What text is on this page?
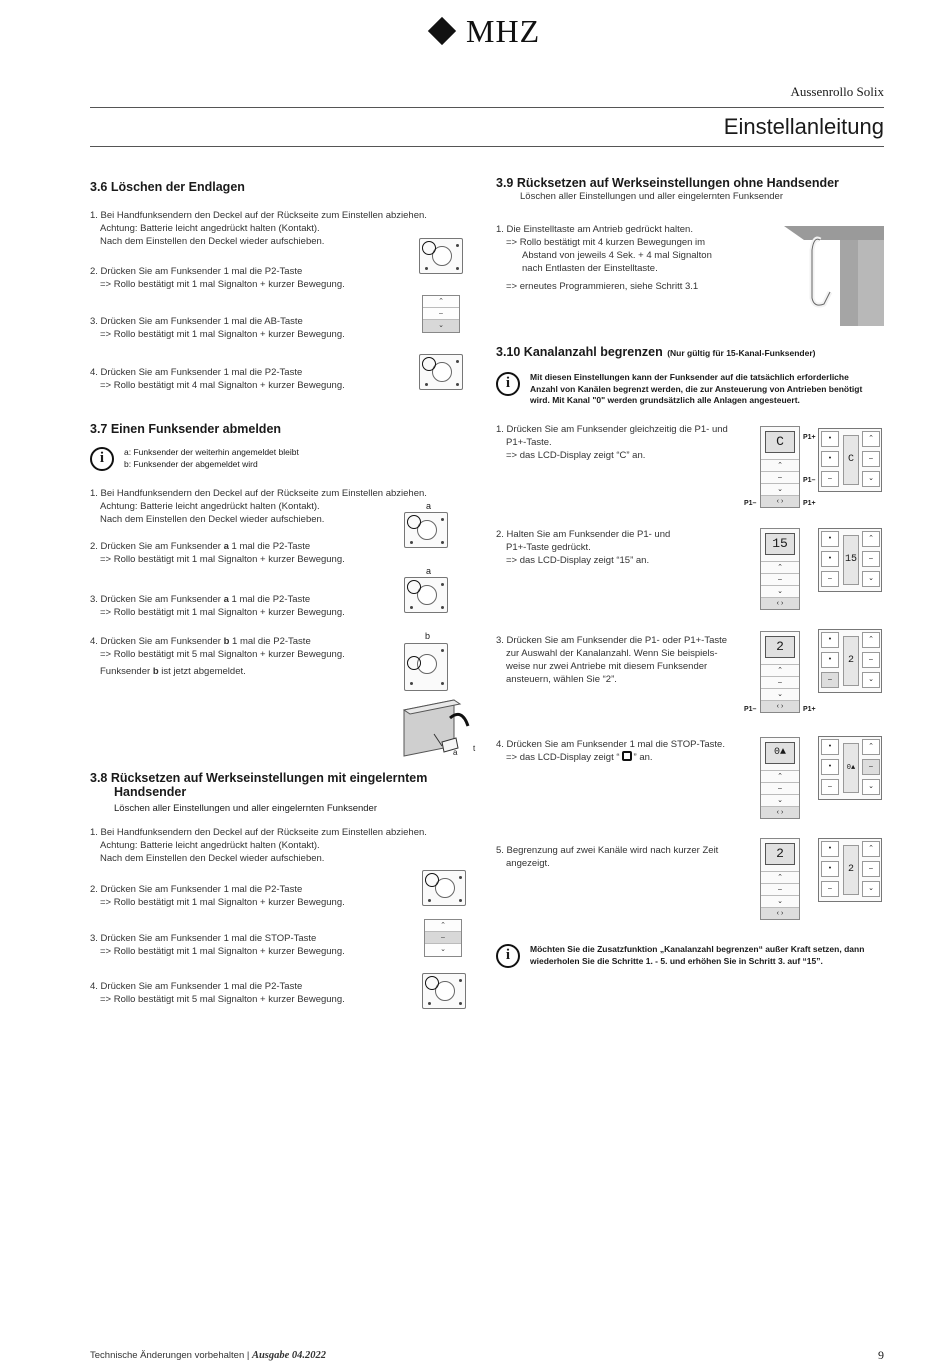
MHZ
Aussenrollo Solix
Einstellanleitung
3.6 Löschen der Endlagen
1. Bei Handfunksendern den Deckel auf der Rückseite zum Einstellen abziehen.
Achtung: Batterie leicht angedrückt halten (Kontakt).
Nach dem Einstellen den Deckel wieder aufschieben.
2. Drücken Sie am Funksender 1 mal die P2-Taste
=> Rollo bestätigt mit 1 mal Signalton + kurzer Bewegung.
⌃
–
⌄
3. Drücken Sie am Funksender 1 mal die AB-Taste
=> Rollo bestätigt mit 1 mal Signalton + kurzer Bewegung.
4. Drücken Sie am Funksender 1 mal die P2-Taste
=> Rollo bestätigt mit 4 mal Signalton + kurzer Bewegung.
3.7 Einen Funksender abmelden
i	a: Funksender der weiterhin angemeldet bleibt
b: Funksender der abgemeldet wird
1. Bei Handfunksendern den Deckel auf der Rückseite zum Einstellen abziehen.
Achtung: Batterie leicht angedrückt halten (Kontakt).
Nach dem Einstellen den Deckel wieder aufschieben.
a
2. Drücken Sie am Funksender a 1 mal die P2-Taste
=> Rollo bestätigt mit 1 mal Signalton + kurzer Bewegung.
a
3. Drücken Sie am Funksender a 1 mal die P2-Taste
=> Rollo bestätigt mit 1 mal Signalton + kurzer Bewegung.
b
4. Drücken Sie am Funksender b 1 mal die P2-Taste
=> Rollo bestätigt mit 5 mal Signalton + kurzer Bewegung.
Funksender b ist jetzt abgemeldet.
a t
3.8 Rücksetzen auf Werkseinstellungen mit eingelerntem
Handsender
Löschen aller Einstellungen und aller eingelernten Funksender
1. Bei Handfunksendern den Deckel auf der Rückseite zum Einstellen abziehen.
Achtung: Batterie leicht angedrückt halten (Kontakt).
Nach dem Einstellen den Deckel wieder aufschieben.
2. Drücken Sie am Funksender 1 mal die P2-Taste
=> Rollo bestätigt mit 1 mal Signalton + kurzer Bewegung.
⌃
–
⌄
3. Drücken Sie am Funksender 1 mal die STOP-Taste
=> Rollo bestätigt mit 1 mal Signalton + kurzer Bewegung.
4. Drücken Sie am Funksender 1 mal die P2-Taste
=> Rollo bestätigt mit 5 mal Signalton + kurzer Bewegung.
3.9 Rücksetzen auf Werkseinstellungen ohne Handsender
Löschen aller Einstellungen und aller eingelernten Funksender
1. Die Einstelltaste am Antrieb gedrückt halten.
=> Rollo bestätigt mit 4 kurzen Bewegungen im
Abstand von jeweils 4 Sek. + 4 mal Signalton
nach Entlasten der Einstelltaste.
=> erneutes Programmieren, siehe Schritt 3.1
3.10 Kanalanzahl begrenzen (Nur gültig für 15-Kanal-Funksender)
i	Mit diesen Einstellungen kann der Funksender auf die tatsächlich erforderliche
Anzahl von Kanälen begrenzt werden, die zur Ansteuerung von Antrieben benötigt
wird. Mit Kanal "0" werden grundsätzlich alle Anlagen angesteuert.
1. Drücken Sie am Funksender gleichzeitig die P1- und
P1+-Taste.
=> das LCD-Display zeigt “C” an.
C
⌃
–
⌄
‹ ›
C
•
•
–
⌃
–
⌄
P1+
P1–
P1–	P1+
2. Halten Sie am Funksender die P1- und
P1+-Taste gedrückt.
=> das LCD-Display zeigt “15” an.
15
⌃
–
⌄
‹ ›
15
•
•
–
⌃
–
⌄
3. Drücken Sie am Funksender die P1- oder P1+-Taste
zur Auswahl der Kanalanzahl. Wenn Sie beispiels-
weise nur zwei Antriebe mit diesem Funksender
ansteuern, wählen Sie “2”.
2
⌃
–
⌄
‹ ›
2
•
•
–
⌃
–
⌄
P1–	P1+
4. Drücken Sie am Funksender 1 mal die STOP-Taste.
=> das LCD-Display zeigt “ ” an.	0▲
⌃
–
⌄
‹ ›
0▲
•
•
–
⌃
–
⌄
5. Begrenzung auf zwei Kanäle wird nach kurzer Zeit
angezeigt.
2
⌃
–
⌄
‹ ›
2
•
•
–
⌃
–
⌄
i	Möchten Sie die Zusatzfunktion „Kanalanzahl begrenzen“ außer Kraft setzen, dann
wiederholen Sie die Schritte 1. - 5. und erhöhen Sie in Schritt 3. auf “15”.
Technische Änderungen vorbehalten | Ausgabe 04.2022	9
